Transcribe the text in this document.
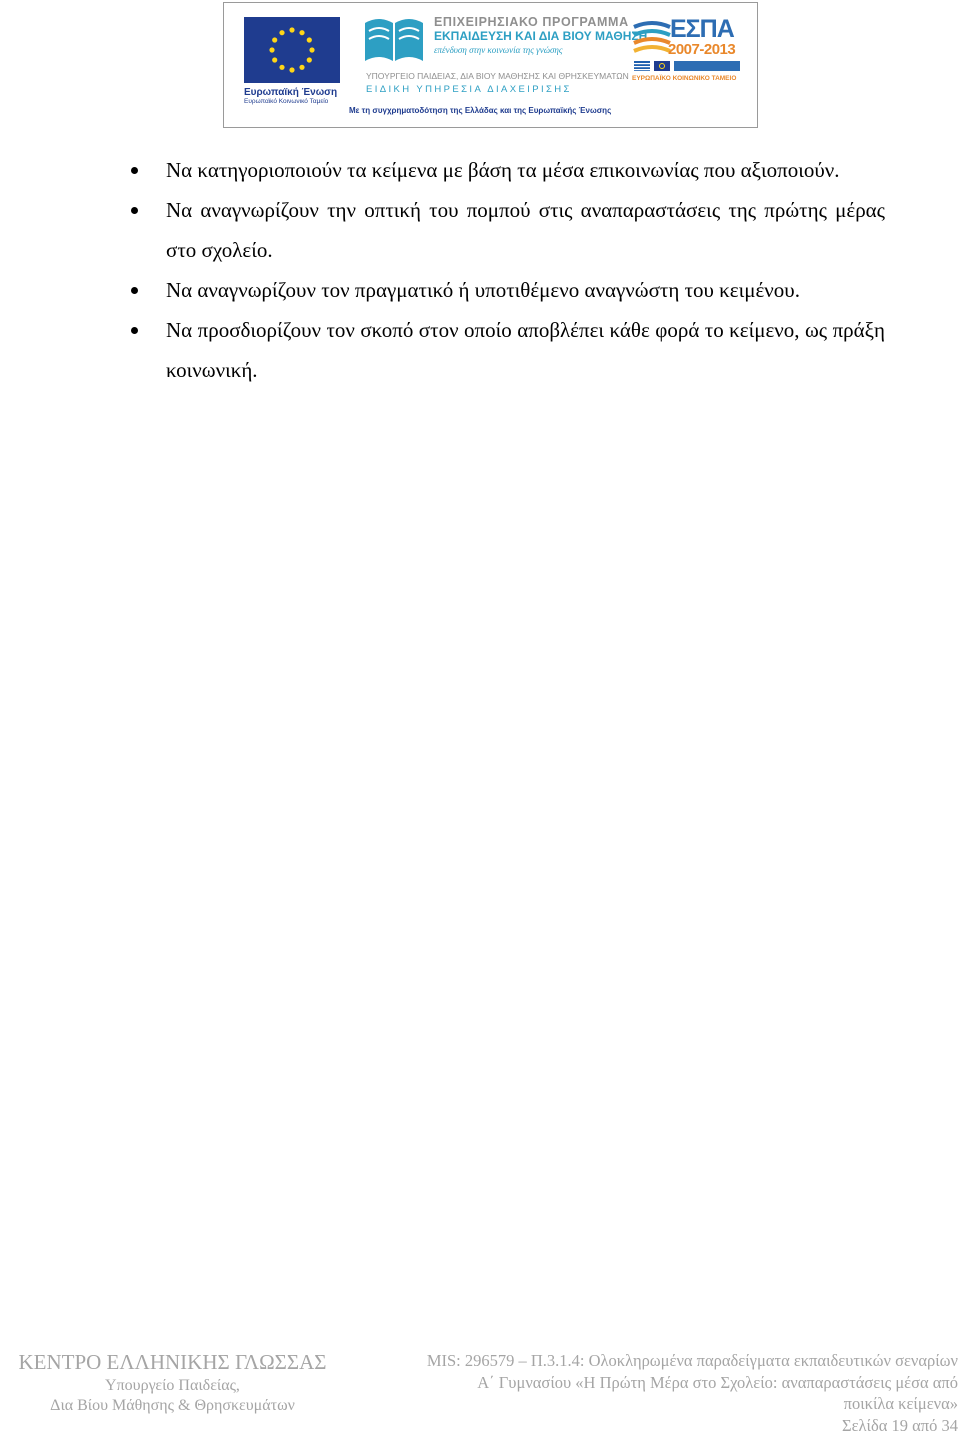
Ευρωπαϊκή Ένωση
Ευρωπαϊκό Κοινωνικό Ταμείο
ΕΠΙΧΕΙΡΗΣΙΑΚΟ ΠΡΟΓΡΑΜΜΑ
ΕΚΠΑΙΔΕΥΣΗ ΚΑΙ ΔΙΑ ΒΙΟΥ ΜΑΘΗΣΗ
επένδυση στην κοινωνία της γνώσης
ΥΠΟΥΡΓΕΙΟ ΠΑΙΔΕΙΑΣ, ΔΙΑ ΒΙΟΥ ΜΑΘΗΣΗΣ ΚΑΙ ΘΡΗΣΚΕΥΜΑΤΩΝ
ΕΙΔΙΚΗ ΥΠΗΡΕΣΙΑ ΔΙΑΧΕΙΡΙΣΗΣ
Με τη συγχρηματοδότηση της Ελλάδας και της Ευρωπαϊκής Ένωσης
ΕΣΠΑ
2007-2013
ΕΥΡΩΠΑΪΚΟ ΚΟΙΝΩΝΙΚΟ ΤΑΜΕΙΟ
Να κατηγοριοποιούν τα κείμενα με βάση τα μέσα επικοινωνίας που αξιοποιούν.
Να αναγνωρίζουν την οπτική του πομπού στις αναπαραστάσεις της πρώτης μέρας στο σχολείο.
Να αναγνωρίζουν τον πραγματικό ή υποτιθέμενο αναγνώστη του κειμένου.
Να προσδιορίζουν τον σκοπό στον οποίο αποβλέπει κάθε φορά το κείμενο, ως πράξη κοινωνική.
ΚΕΝΤΡΟ ΕΛΛΗΝΙΚΗΣ ΓΛΩΣΣΑΣ
Υπουργείο Παιδείας,
Δια Βίου Μάθησης & Θρησκευμάτων
MIS: 296579 – Π.3.1.4: Ολοκληρωμένα παραδείγματα εκπαιδευτικών σεναρίων
Α΄ Γυμνασίου «Η Πρώτη Μέρα στο Σχολείο: αναπαραστάσεις μέσα από
ποικίλα κείμενα»
Σελίδα 19 από 34
